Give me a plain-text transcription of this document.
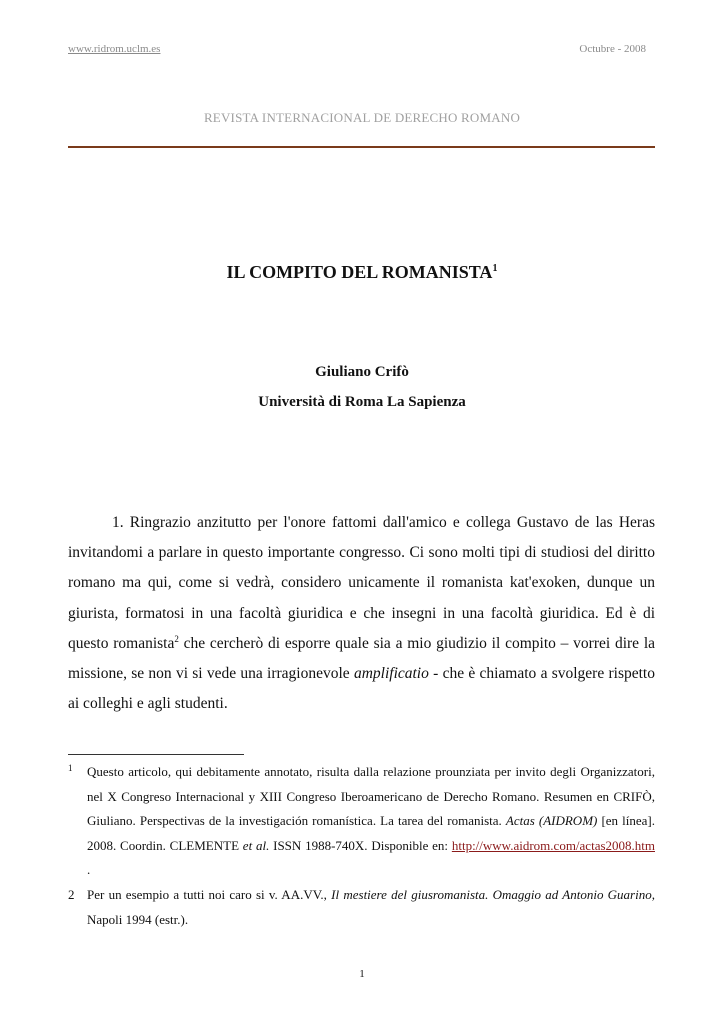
www.ridrom.uclm.es	Octubre - 2008
REVISTA INTERNACIONAL DE DERECHO ROMANO
IL COMPITO DEL ROMANISTA$^1$
Giuliano Crifò
Università di Roma La Sapienza
1. Ringrazio anzitutto per l'onore fattomi dall'amico e collega Gustavo de las Heras invitandomi a parlare in questo importante congresso. Ci sono molti tipi di studiosi del diritto romano ma qui, come si vedrà, considero unicamente il romanista kat'exoken, dunque un giurista, formatosi in una facoltà giuridica e che insegni in una facoltà giuridica. Ed è di questo romanista$^2$ che cercherò di esporre quale sia a mio giudizio il compito – vorrei dire la missione, se non vi si vede una irragionevole amplificatio - che è chiamato a svolgere rispetto ai colleghi e agli studenti.
1	Questo articolo, qui debitamente annotato, risulta dalla relazione prounziata per invito degli Organizzatori, nel X Congreso Internacional y XIII Congreso Iberoamericano de Derecho Romano. Resumen en CRIFÒ, Giuliano. Perspectivas de la investigación romanística. La tarea del romanista. Actas (AIDROM) [en línea]. 2008. Coordin. CLEMENTE et al. ISSN 1988-740X. Disponible en: http://www.aidrom.com/actas2008.htm .
2 Per un esempio a tutti noi caro si v. AA.VV., Il mestiere del giusromanista. Omaggio ad Antonio Guarino, Napoli 1994 (estr.).
1
